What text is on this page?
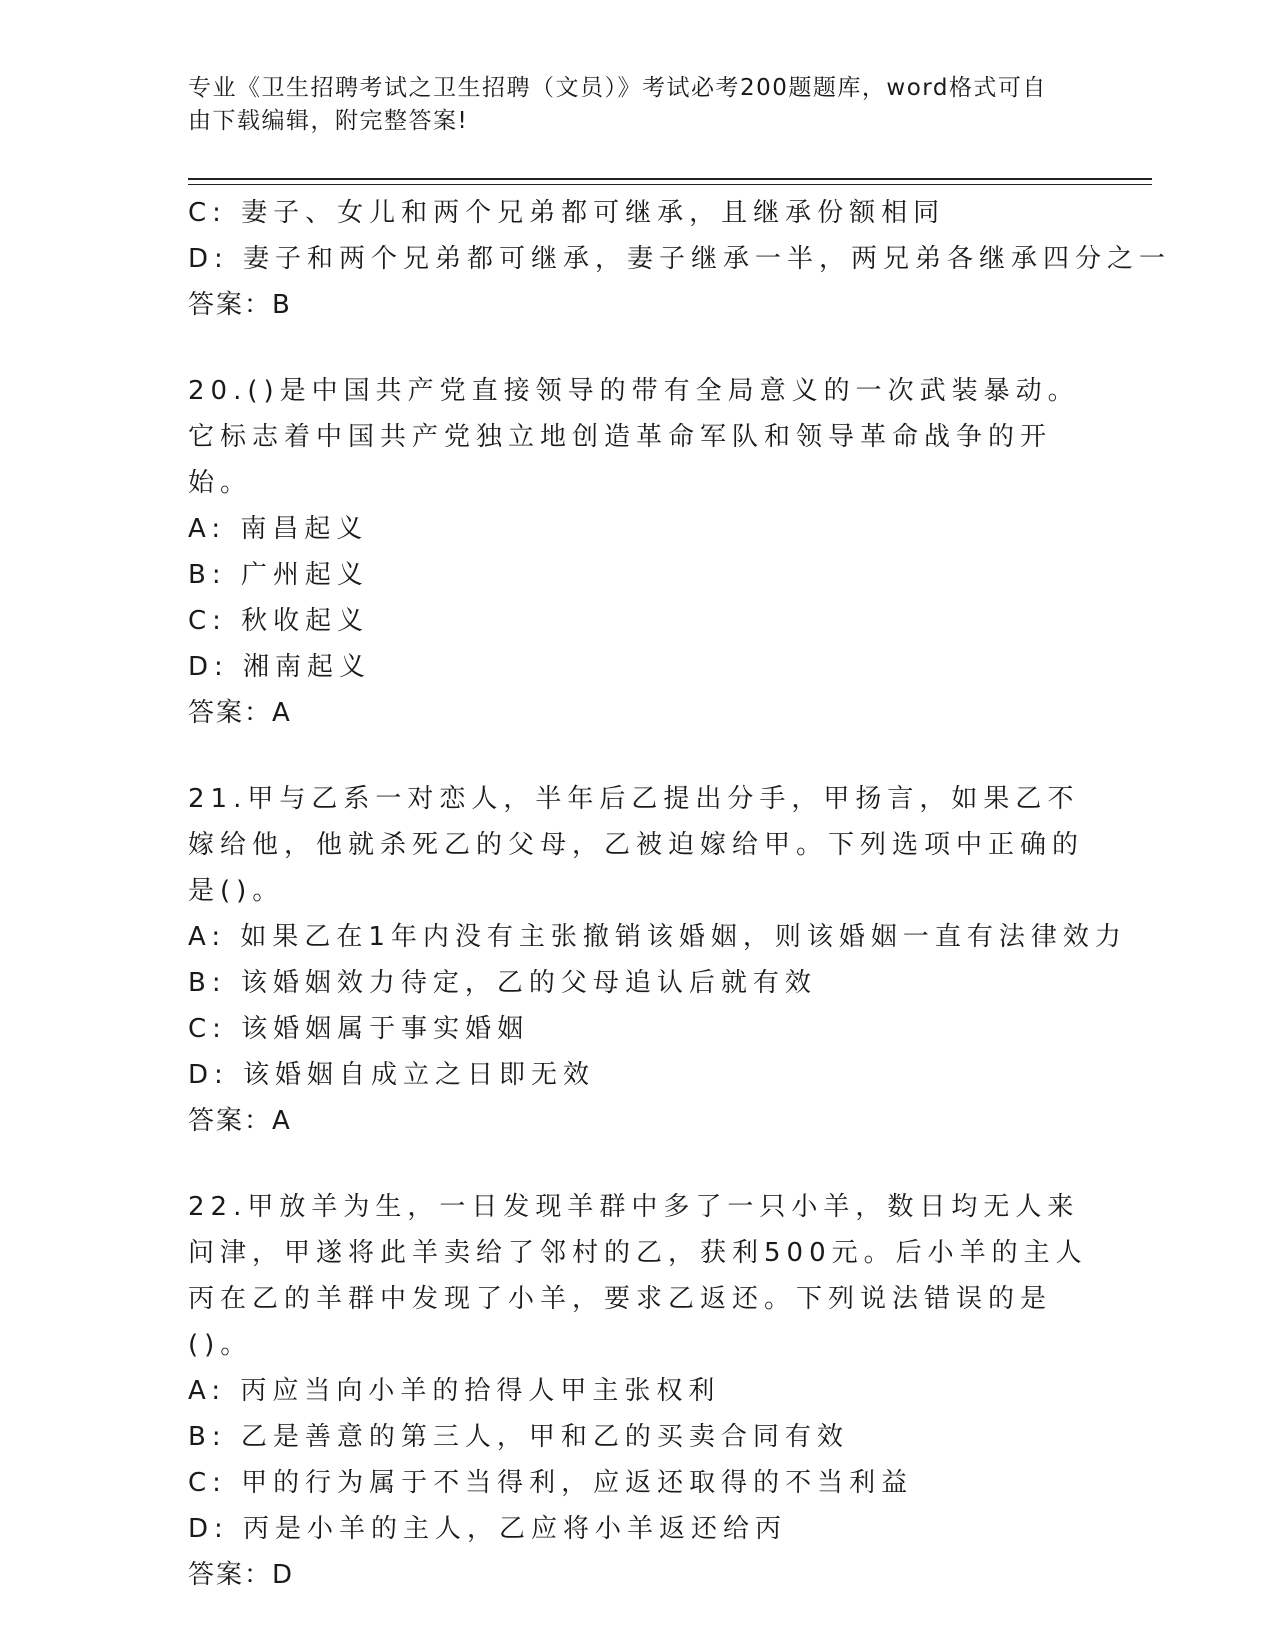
专业《卫生招聘考试之卫生招聘（文员）》考试必考200题题库，word格式可自由下载编辑，附完整答案!
C: 妻子、女儿和两个兄弟都可继承，且继承份额相同
D: 妻子和两个兄弟都可继承，妻子继承一半，两兄弟各继承四分之一
答案：B
20.()是中国共产党直接领导的带有全局意义的一次武装暴动。它标志着中国共产党独立地创造革命军队和领导革命战争的开始。
A: 南昌起义
B: 广州起义
C: 秋收起义
D: 湘南起义
答案：A
21.甲与乙系一对恋人，半年后乙提出分手，甲扬言，如果乙不嫁给他，他就杀死乙的父母，乙被迫嫁给甲。下列选项中正确的是()。
A: 如果乙在1年内没有主张撤销该婚姻，则该婚姻一直有法律效力
B: 该婚姻效力待定，乙的父母追认后就有效
C: 该婚姻属于事实婚姻
D: 该婚姻自成立之日即无效
答案：A
22.甲放羊为生，一日发现羊群中多了一只小羊，数日均无人来问津，甲遂将此羊卖给了邻村的乙，获利500元。后小羊的主人丙在乙的羊群中发现了小羊，要求乙返还。下列说法错误的是()。
A: 丙应当向小羊的拾得人甲主张权利
B: 乙是善意的第三人，甲和乙的买卖合同有效
C: 甲的行为属于不当得利，应返还取得的不当利益
D: 丙是小羊的主人，乙应将小羊返还给丙
答案：D
